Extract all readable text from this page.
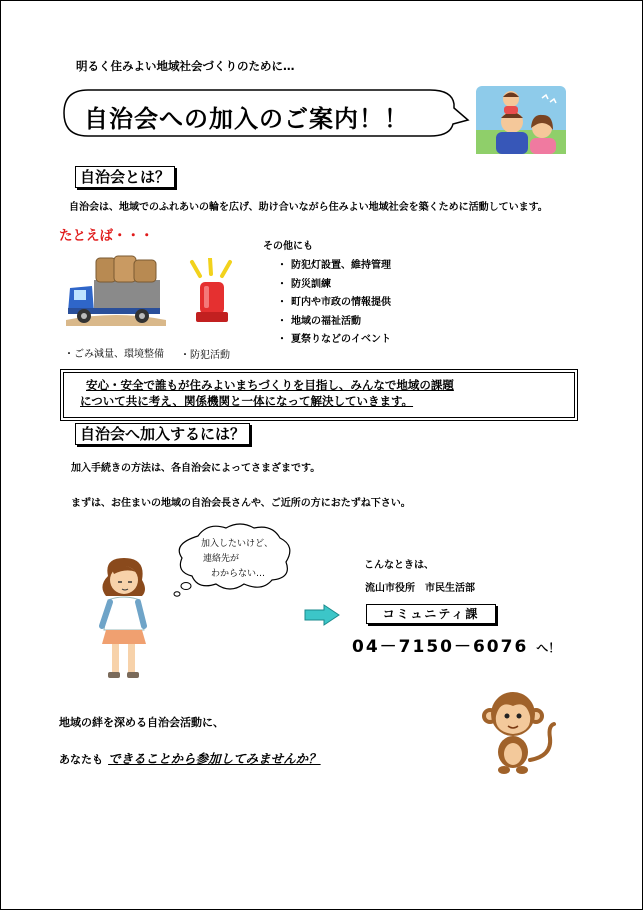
明るく住みよい地域社会づくりのために…
自治会への加入のご案内！！
自治会とは？
自治会は、地域でのふれあいの輪を広げ、助け合いながら住みよい地域社会を築くために活動しています。
たとえば・・・
・ごみ減量、環境整備 ・防犯活動
その他にも
・ 防犯灯設置、維持管理
・ 防災訓練
・ 町内や市政の情報提供
・ 地域の福祉活動
・ 夏祭りなどのイベント
安心・安全で誰もが住みよいまちづくりを目指し、みんなで地域の課題
について共に考え、関係機関と一体になって解決していきます。
自治会へ加入するには？
加入手続きの方法は、各自治会によってさまざまです。
まずは、お住まいの地域の自治会長さんや、ご近所の方におたずね下さい。
加入したいけど、
連絡先が
わからない…
こんなときは、
流山市役所　市民生活部
コミュニティ課
04－7150－6076 へ！
地域の絆を深める自治会活動に、
あなたも できることから参加してみませんか？
